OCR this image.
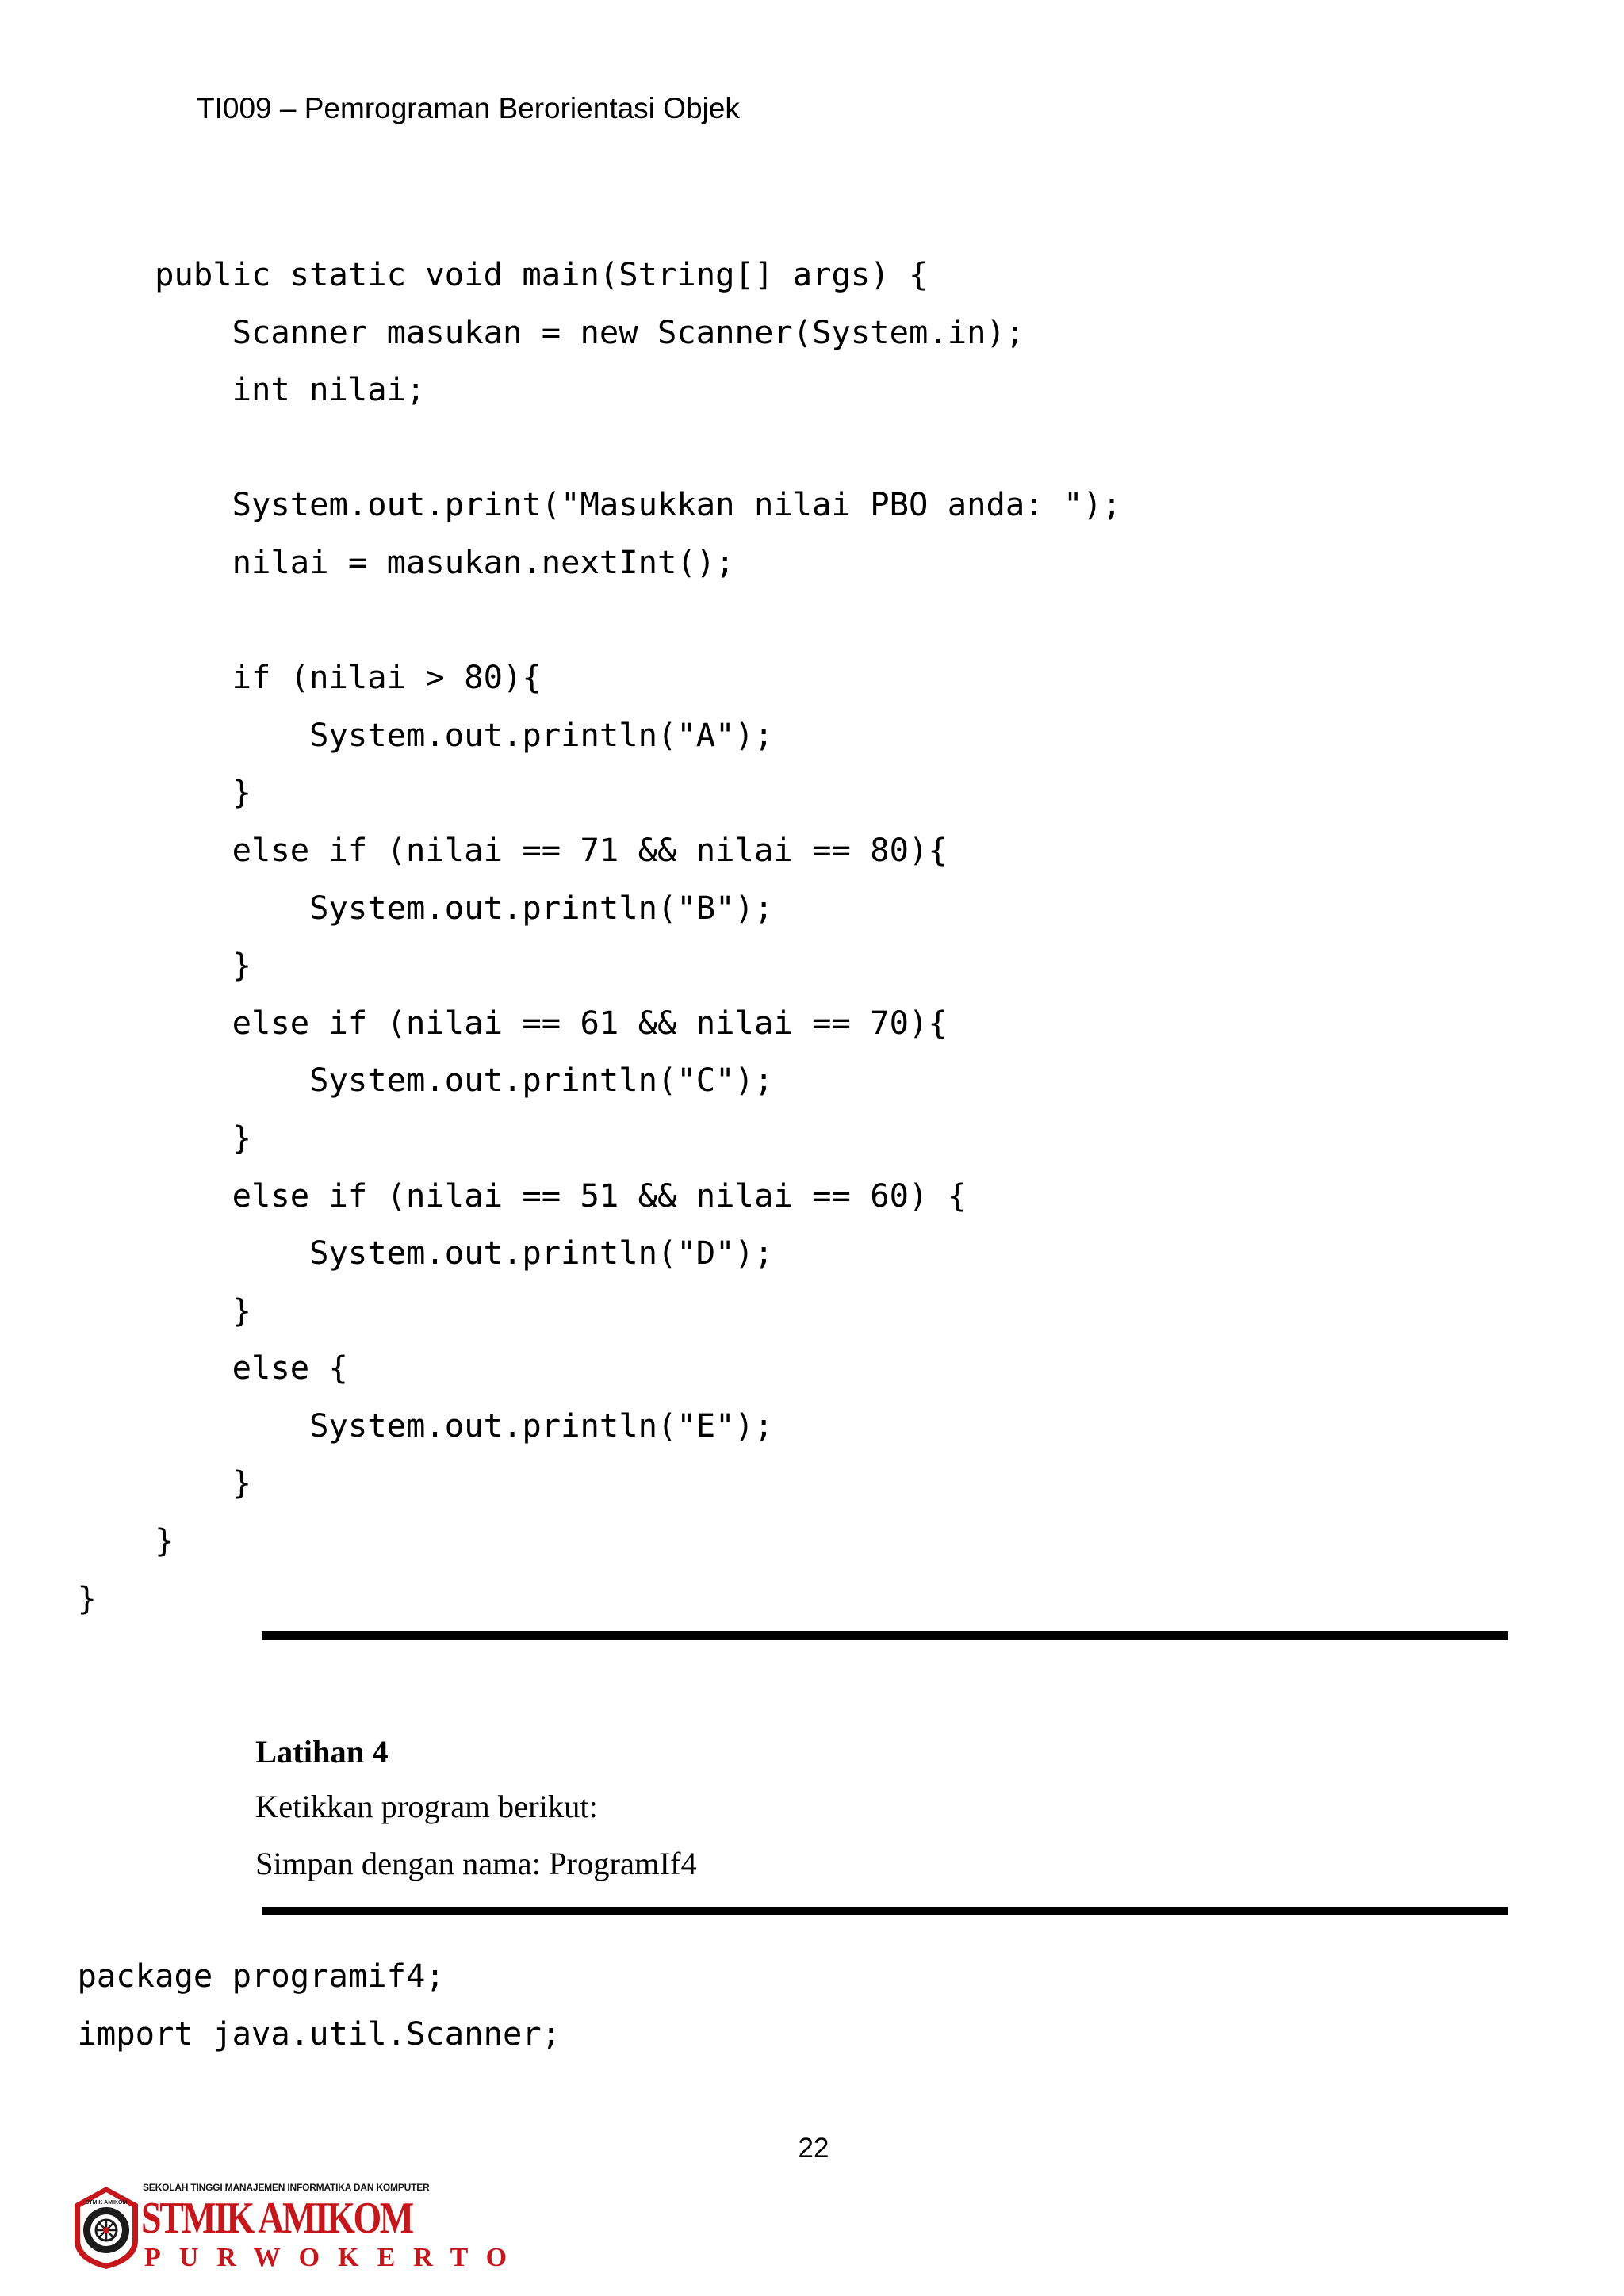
TI009 – Pemrograman Berorientasi Objek
public static void main(String[] args) {
Scanner masukan = new Scanner(System.in);
int nilai;
System.out.print("Masukkan nilai PBO anda: ");
nilai = masukan.nextInt();
if (nilai > 80){
System.out.println("A");
}
else if (nilai == 71 && nilai == 80){
System.out.println("B");
}
else if (nilai == 61 && nilai == 70){
System.out.println("C");
}
else if (nilai == 51 && nilai == 60) {
System.out.println("D");
}
else {
System.out.println("E");
}
}
}
Latihan 4
Ketikkan program berikut:
Simpan dengan nama: ProgramIf4
package programif4;
import java.util.Scanner;
22
STMIK AMIKOM
SEKOLAH TINGGI MANAJEMEN INFORMATIKA DAN KOMPUTER
STMIK AMIKOM
PURWOKERTO
